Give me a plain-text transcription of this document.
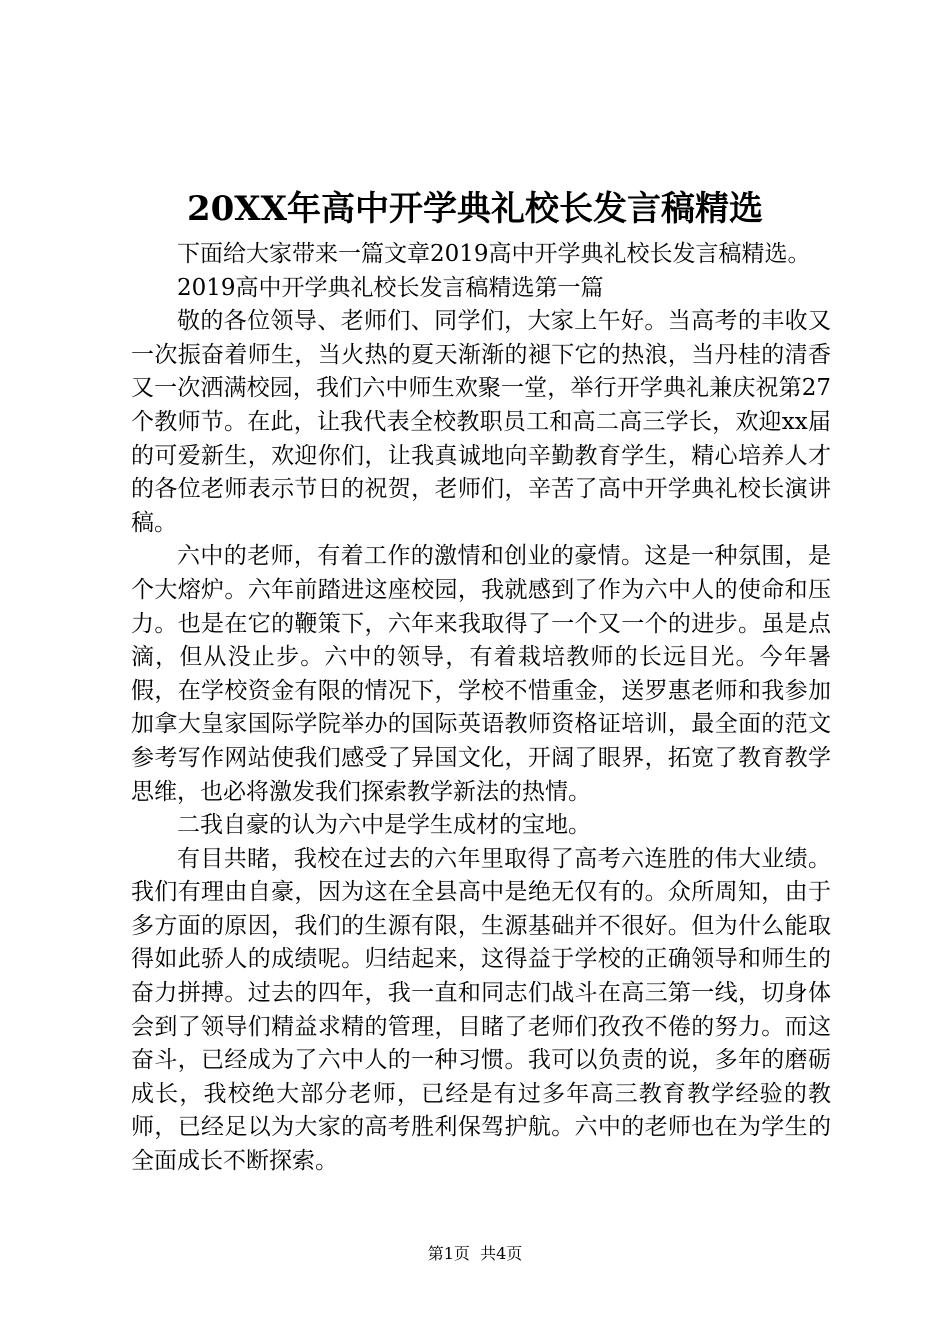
20XX年高中开学典礼校长发言稿精选

下面给大家带来一篇文章2019高中开学典礼校长发言稿精选。

2019高中开学典礼校长发言稿精选第一篇

敬的各位领导、老师们、同学们，大家上午好。当高考的丰收又一次振奋着师生，当火热的夏天渐渐的褪下它的热浪，当丹桂的清香又一次洒满校园，我们六中师生欢聚一堂，举行开学典礼兼庆祝第27个教师节。在此，让我代表全校教职员工和高二高三学长，欢迎xx届的可爱新生，欢迎你们，让我真诚地向辛勤教育学生，精心培养人才的各位老师表示节日的祝贺，老师们，辛苦了高中开学典礼校长演讲稿。

六中的老师，有着工作的激情和创业的豪情。这是一种氛围，是个大熔炉。六年前踏进这座校园，我就感到了作为六中人的使命和压力。也是在它的鞭策下，六年来我取得了一个又一个的进步。虽是点滴，但从没止步。六中的领导，有着栽培教师的长远目光。今年暑假，在学校资金有限的情况下，学校不惜重金，送罗惠老师和我参加加拿大皇家国际学院举办的国际英语教师资格证培训，最全面的范文参考写作网站使我们感受了异国文化，开阔了眼界，拓宽了教育教学思维，也必将激发我们探索教学新法的热情。

二我自豪的认为六中是学生成材的宝地。

有目共睹，我校在过去的六年里取得了高考六连胜的伟大业绩。我们有理由自豪，因为这在全县高中是绝无仅有的。众所周知，由于多方面的原因，我们的生源有限，生源基础并不很好。但为什么能取得如此骄人的成绩呢。归结起来，这得益于学校的正确领导和师生的奋力拼搏。过去的四年，我一直和同志们战斗在高三第一线，切身体会到了领导们精益求精的管理，目睹了老师们孜孜不倦的努力。而这奋斗，已经成为了六中人的一种习惯。我可以负责的说，多年的磨砺成长，我校绝大部分老师，已经是有过多年高三教育教学经验的教师，已经足以为大家的高考胜利保驾护航。六中的老师也在为学生的全面成长不断探索。

第1页  共4页
